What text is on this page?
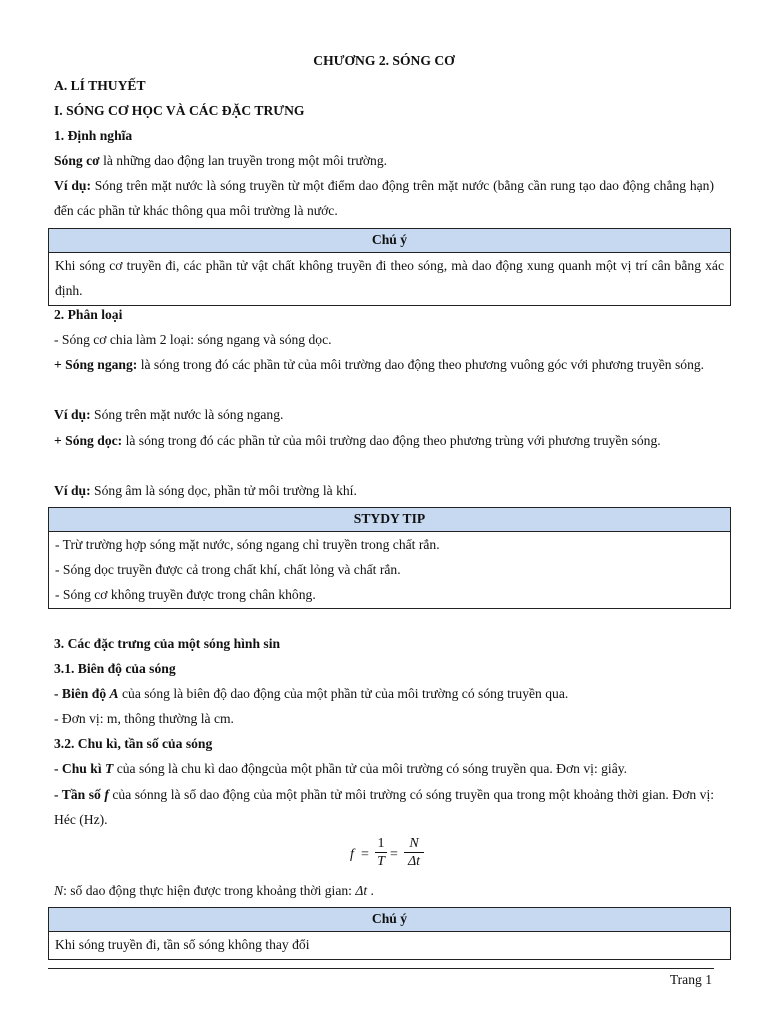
CHƯƠNG 2. SÓNG CƠ

A. LÍ THUYẾT

I. SÓNG CƠ HỌC VÀ CÁC ĐẶC TRƯNG

1. Định nghĩa

Sóng cơ là những dao động lan truyền trong một môi trường.

Ví dụ: Sóng trên mặt nước là sóng truyền từ một điểm dao động trên mặt nước (bằng cần rung tạo dao động chẳng hạn) đến các phần tử khác thông qua môi trường là nước.

Chú ý
Khi sóng cơ truyền đi, các phần tử vật chất không truyền đi theo sóng, mà dao động xung quanh một vị trí cân bằng xác định.

2. Phân loại

- Sóng cơ chia làm 2 loại: sóng ngang và sóng dọc.

+ Sóng ngang: là sóng trong đó các phần tử của môi trường dao động theo phương vuông góc với phương truyền sóng.

Ví dụ: Sóng trên mặt nước là sóng ngang.

+ Sóng dọc: là sóng trong đó các phần tử của môi trường dao động theo phương trùng với phương truyền sóng.

Ví dụ: Sóng âm là sóng dọc, phần tử môi trường là khí.

STYDY TIP
- Trừ trường hợp sóng mặt nước, sóng ngang chỉ truyền trong chất rắn.
- Sóng dọc truyền được cả trong chất khí, chất lỏng và chất rắn.
- Sóng cơ không truyền được trong chân không.

3. Các đặc trưng của một sóng hình sin

3.1. Biên độ của sóng

- Biên độ A của sóng là biên độ dao động của một phần tử của môi trường có sóng truyền qua.

- Đơn vị: m, thông thường là cm.

3.2. Chu kì, tần số của sóng

- Chu kì T của sóng là chu kì dao độngcủa một phần tử của môi trường có sóng truyền qua. Đơn vị: giây.

- Tần số f của sónng là số dao động của một phần tử môi trường có sóng truyền qua trong một khoảng thời gian. Đơn vị: Héc (Hz).

f =
1
T =
N
Δt

N: số dao động thực hiện được trong khoảng thời gian: Δt .

Chú ý
Khi sóng truyền đi, tần số sóng không thay đổi
Trang 1
